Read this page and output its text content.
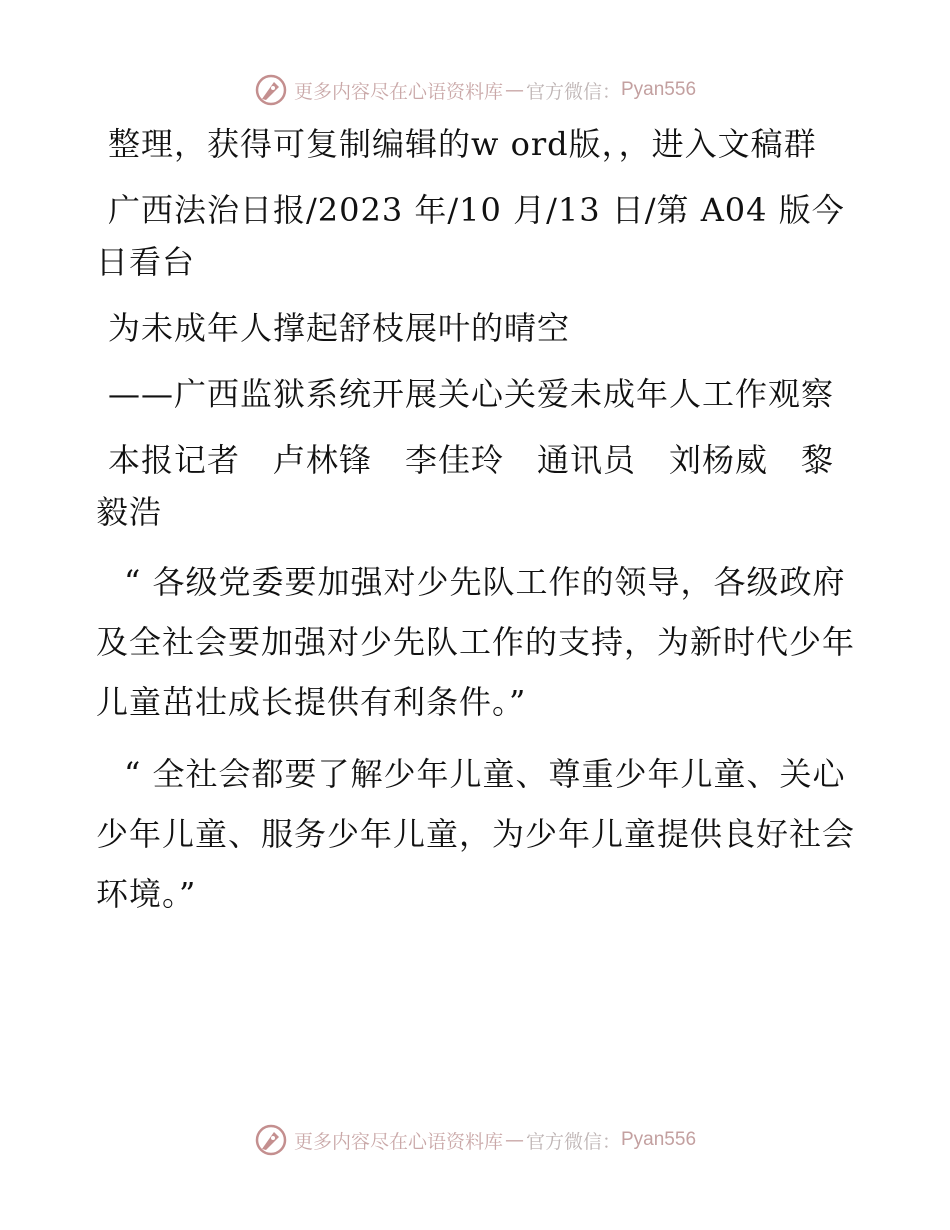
更多内容尽在心语资料库 — 官方微信： Pyan556

整理，获得可复制编辑的w ord版，，进入文稿群

广西法治日报/2023 年/10 月/13 日/第 A04 版今日看台

为未成年人撑起舒枝展叶的晴空

——广西监狱系统开展关心关爱未成年人工作观察

本报记者　卢林锋　李佳玲　通讯员　刘杨威　黎毅浩

“ 各级党委要加强对少先队工作的领导，各级政府及全社会要加强对少先队工作的支持，为新时代少年儿童茁壮成长提供有利条件。”

“ 全社会都要了解少年儿童、尊重少年儿童、关心少年儿童、服务少年儿童，为少年儿童提供良好社会环境。”

更多内容尽在心语资料库 — 官方微信： Pyan556
